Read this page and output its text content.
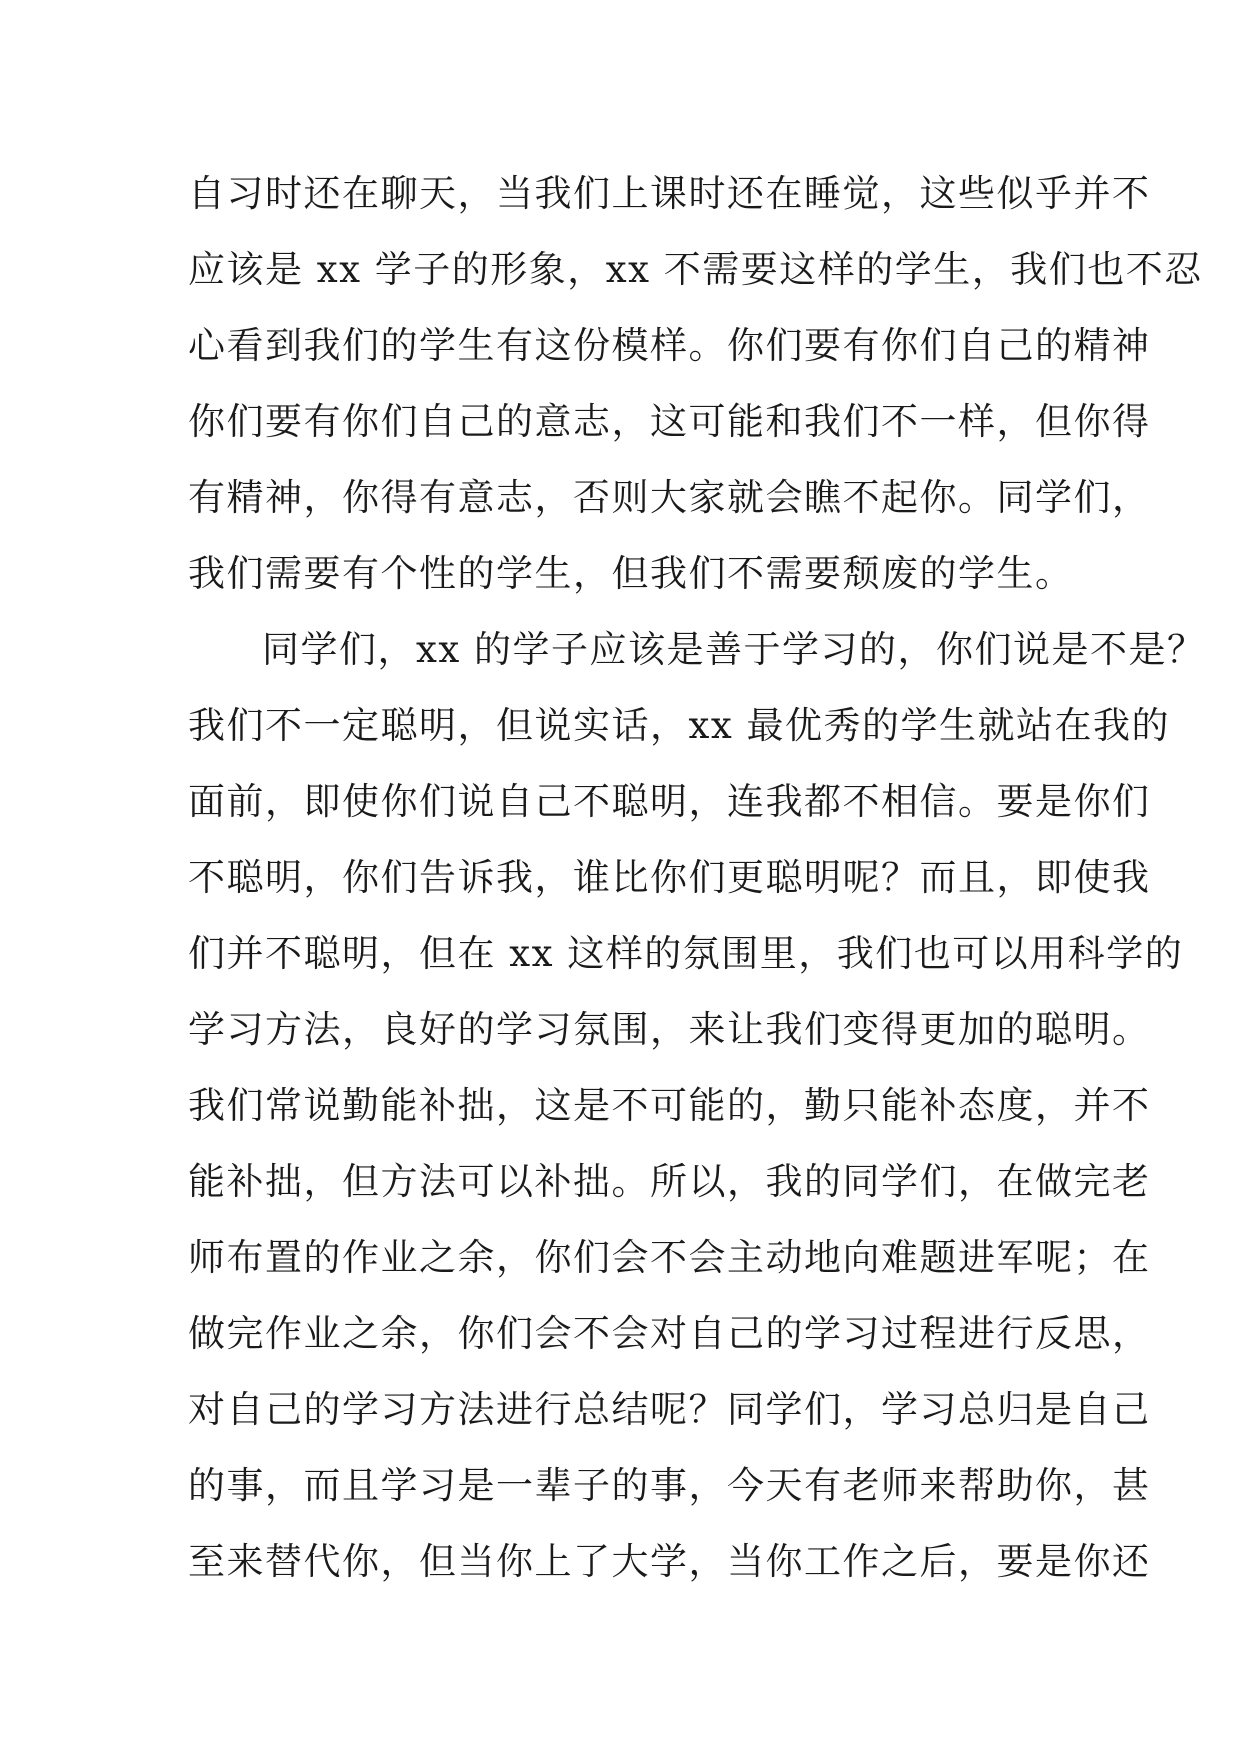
自习时还在聊天，当我们上课时还在睡觉，这些似乎并不
应该是 xx 学子的形象，xx 不需要这样的学生，我们也不忍
心看到我们的学生有这份模样。你们要有你们自己的精神
你们要有你们自己的意志，这可能和我们不一样，但你得
有精神，你得有意志，否则大家就会瞧不起你。同学们，
我们需要有个性的学生，但我们不需要颓废的学生。
同学们，xx 的学子应该是善于学习的，你们说是不是？
我们不一定聪明，但说实话，xx 最优秀的学生就站在我的
面前，即使你们说自己不聪明，连我都不相信。要是你们
不聪明，你们告诉我，谁比你们更聪明呢？而且，即使我
们并不聪明，但在 xx 这样的氛围里，我们也可以用科学的
学习方法，良好的学习氛围，来让我们变得更加的聪明。
我们常说勤能补拙，这是不可能的，勤只能补态度，并不
能补拙，但方法可以补拙。所以，我的同学们，在做完老
师布置的作业之余，你们会不会主动地向难题进军呢；在
做完作业之余，你们会不会对自己的学习过程进行反思，
对自己的学习方法进行总结呢？同学们，学习总归是自己
的事，而且学习是一辈子的事，今天有老师来帮助你，甚
至来替代你，但当你上了大学，当你工作之后，要是你还
